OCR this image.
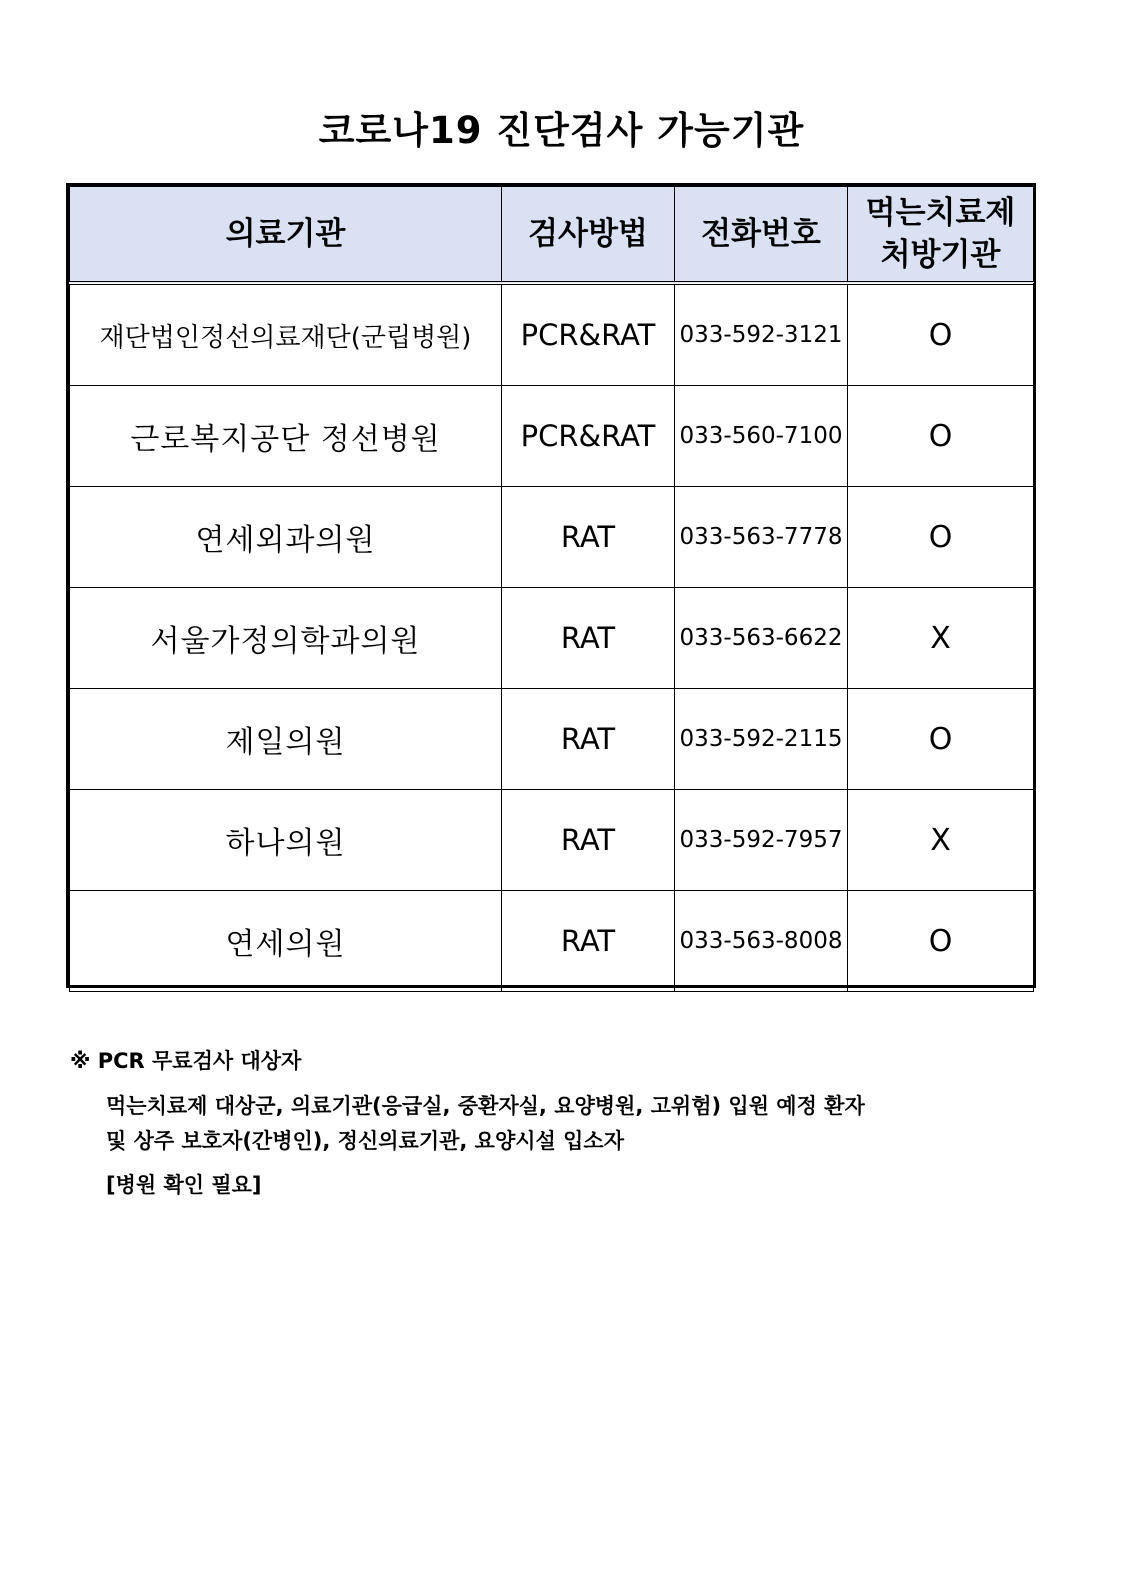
코로나19 진단검사 가능기관
의료기관	검사방법	전화번호	먹는치료제
처방기관

재단법인정선의료재단(군립병원)	PCR&RAT	033-592-3121	O
근로복지공단 정선병원	PCR&RAT	033-560-7100	O
연세외과의원	RAT	033-563-7778	O
서울가정의학과의원	RAT	033-563-6622	X
제일의원	RAT	033-592-2115	O
하나의원	RAT	033-592-7957	X
연세의원	RAT	033-563-8008	O
※ PCR 무료검사 대상자
먹는치료제 대상군, 의료기관(응급실, 중환자실, 요양병원, 고위험) 입원 예정 환자
및 상주 보호자(간병인), 정신의료기관, 요양시설 입소자
[병원 확인 필요]
